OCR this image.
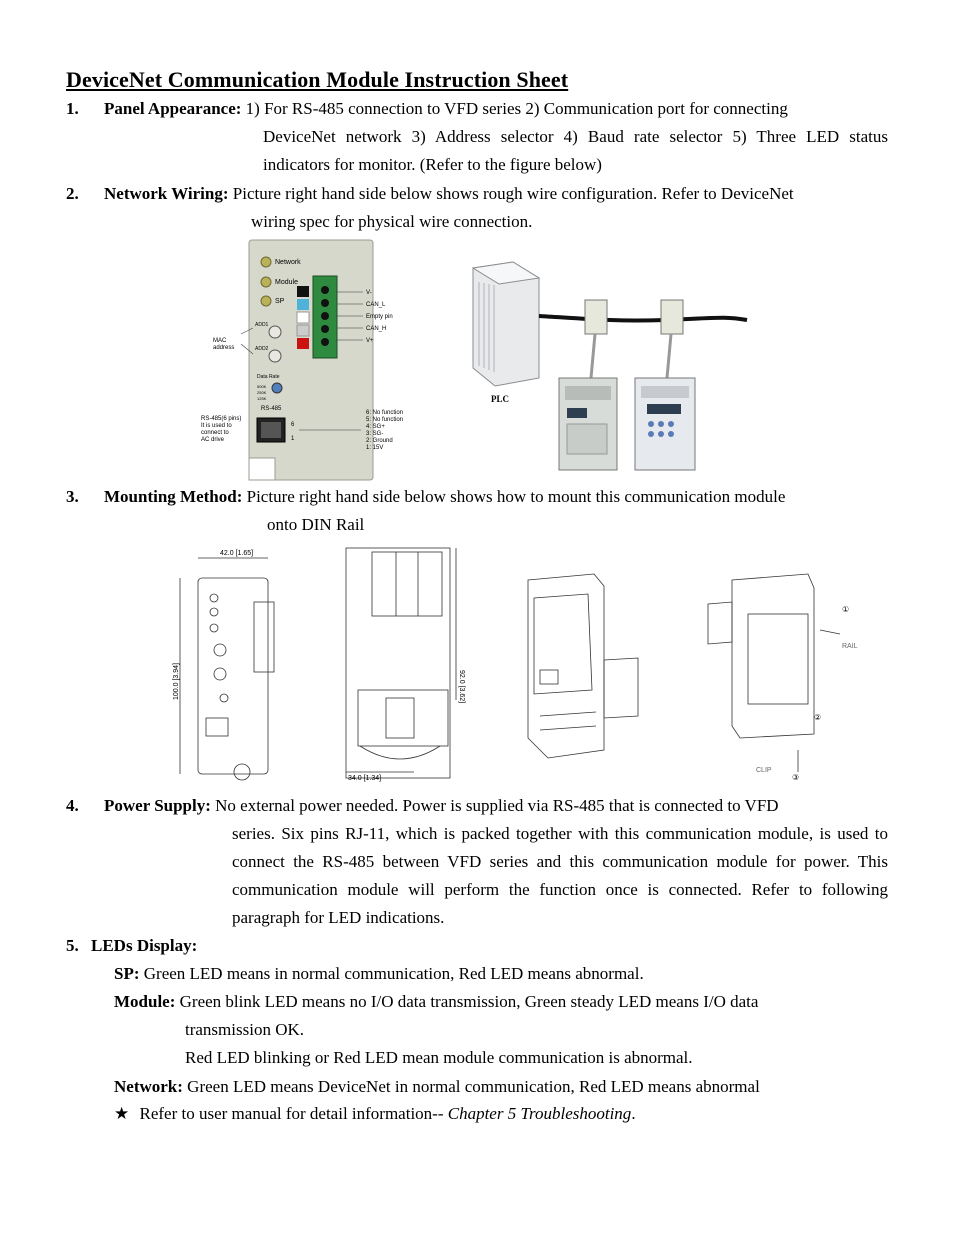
DeviceNet Communication Module Instruction Sheet
1. Panel Appearance: 1) For RS-485 connection to VFD series 2) Communication port for connecting
DeviceNet network 3) Address selector 4) Baud rate selector 5) Three LED status indicators for monitor. (Refer to the figure below)
2. Network Wiring: Picture right hand side below shows rough wire configuration. Refer to DeviceNet
wiring spec for physical wire connection.
Network
Module
SP
ADD1
ADD2
MAC
address
Data Rate
500K
250K
125K
RS-485
6
1
RS-485(6 pins)
It is used to
connect to
AC drive
V-
CAN_L
Empty pin
CAN_H
V+
6: No function
5: No function
4: SG+
3: SG-
2: Ground
1: 15V
PLC
3. Mounting Method: Picture right hand side below shows how to mount this communication module
onto DIN Rail
42.0 [1.65]
100.0 [3.94]	92.0 [3.62]
34.0 [1.34]
RAIL
CLIP
①
②
③
4. Power Supply: No external power needed. Power is supplied via RS-485 that is connected to VFD
series. Six pins RJ-11, which is packed together with this communication module, is used to connect the RS-485 between VFD series and this communication module for power. This communication module will perform the function once is connected. Refer to following paragraph for LED indications.
5. LEDs Display:
SP: Green LED means in normal communication, Red LED means abnormal.
Module: Green blink LED means no I/O data transmission, Green steady LED means I/O data
transmission OK.
Red LED blinking or Red LED mean module communication is abnormal.
Network: Green LED means DeviceNet in normal communication, Red LED means abnormal
★ Refer to user manual for detail information-- Chapter 5 Troubleshooting.
